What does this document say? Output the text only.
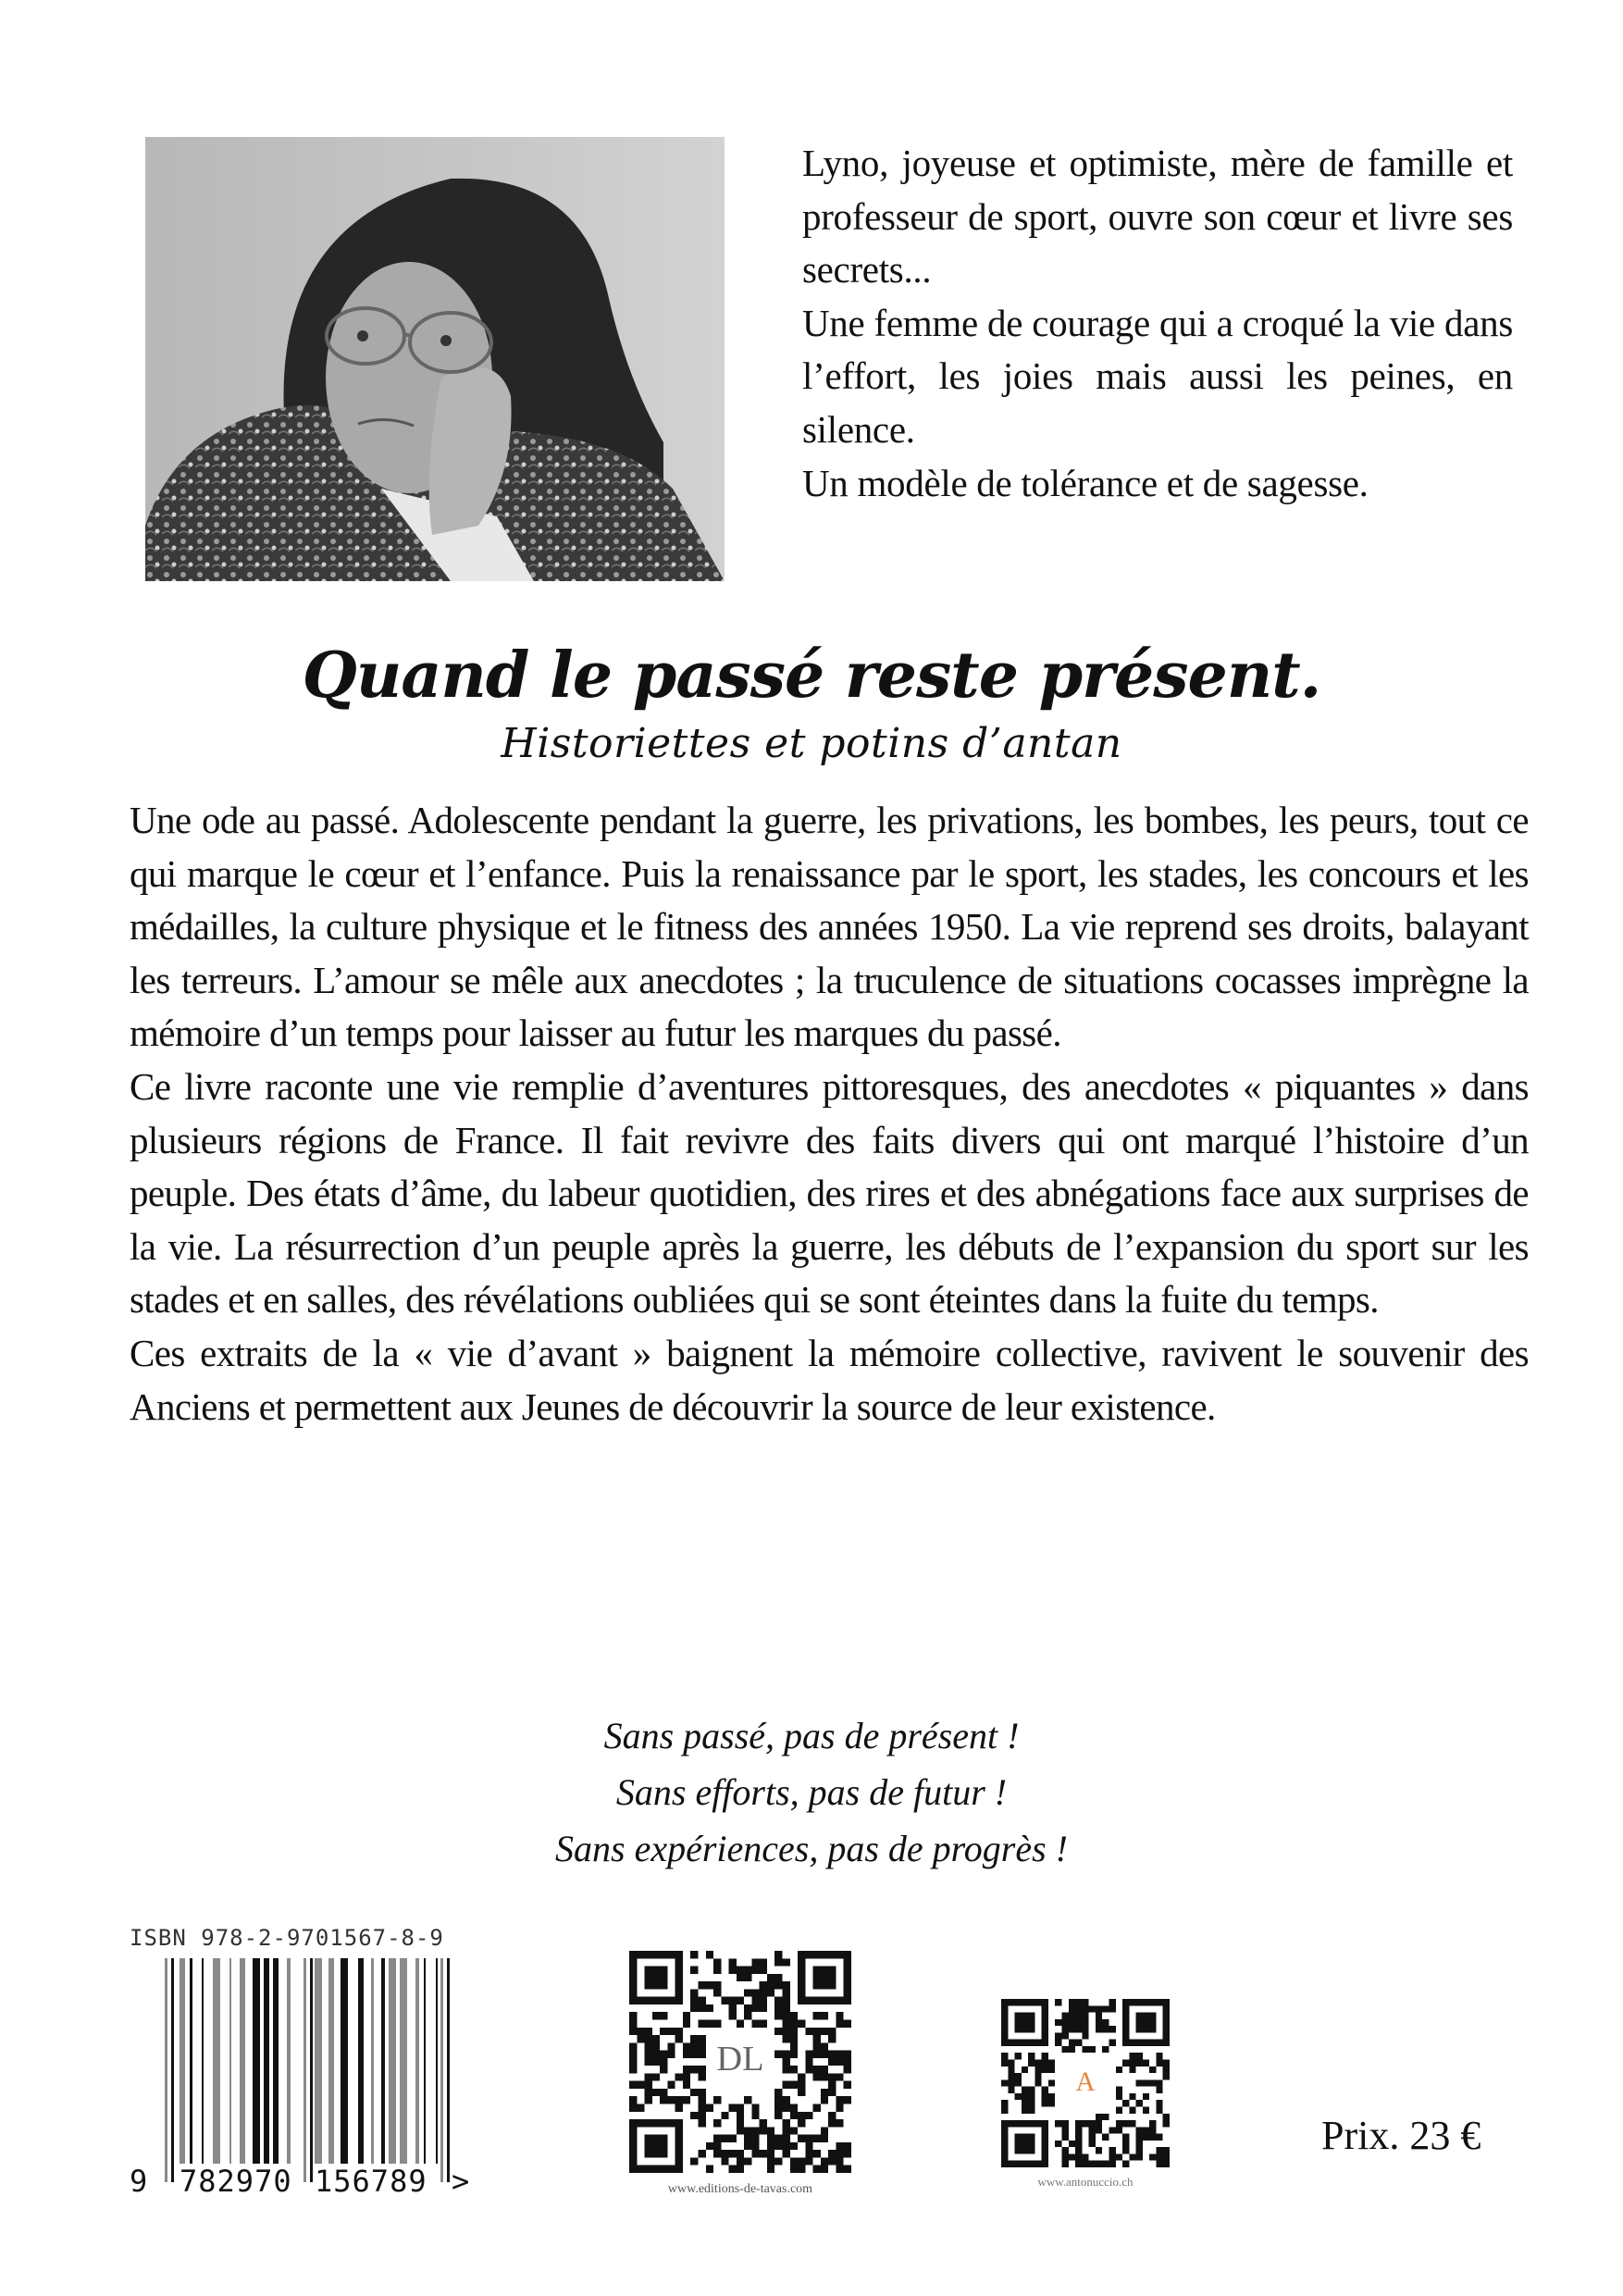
Lyno, joyeuse et optimiste, mère de famille et professeur de sport, ouvre son cœur et livre ses secrets...

Une femme de courage qui a croqué la vie dans l’effort, les joies mais aussi les peines, en silence.

Un modèle de tolérance et de sagesse.

Quand le passé reste présent.
Historiettes et potins d’antan

Une ode au passé. Adolescente pendant la guerre, les privations, les bombes, les peurs, tout ce qui marque le cœur et l’enfance. Puis la renaissance par le sport, les stades, les concours et les médailles, la culture physique et le fitness des années 1950. La vie reprend ses droits, balayant les terreurs. L’amour se mêle aux anecdotes ; la truculence de situations cocasses imprègne la mémoire d’un temps pour laisser au futur les marques du passé.

Ce livre raconte une vie remplie d’aventures pittoresques, des anecdotes « piquantes » dans plusieurs régions de France. Il fait revivre des faits divers qui ont marqué l’histoire d’un peuple. Des états d’âme, du labeur quotidien, des rires et des abnégations face aux surprises de la vie. La résurrection d’un peuple après la guerre, les débuts de l’expansion du sport sur les stades et en salles, des révélations oubliées qui se sont éteintes dans la fuite du temps.

Ces extraits de la « vie d’avant » baignent la mémoire collective, ravivent le souvenir des Anciens et permettent aux Jeunes de découvrir la source de leur existence.

Sans passé, pas de présent !
Sans efforts, pas de futur !
Sans expériences, pas de progrès !
ISBN 978-2-9701567-8-9
9 782970 156789 >
DL
www.editions-de-tavas.com
A
www.antonuccio.ch
Prix. 23 €
